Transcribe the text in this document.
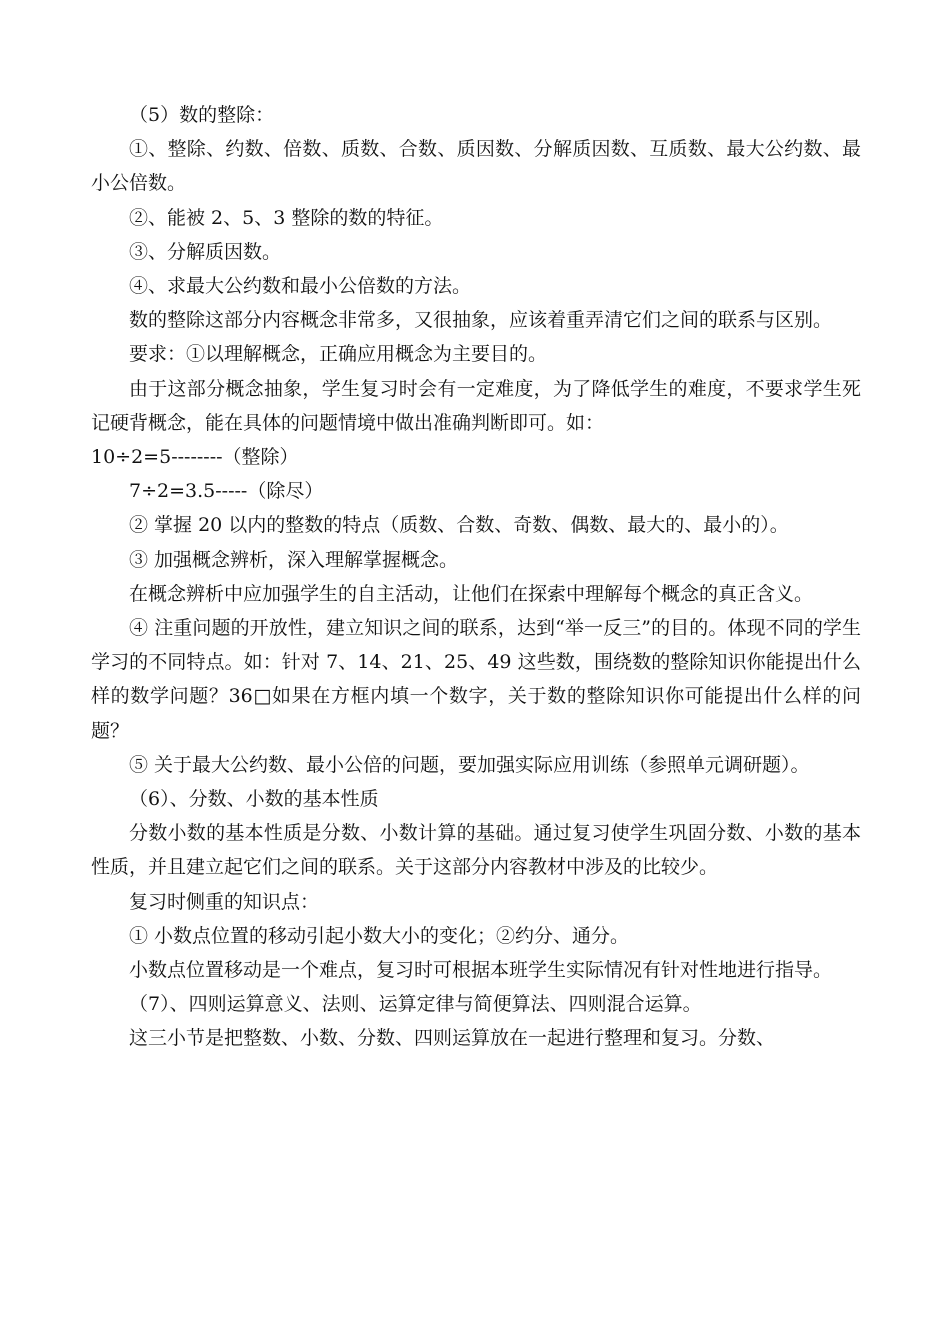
（5）数的整除：

①、整除、约数、倍数、质数、合数、质因数、分解质因数、互质数、最大公约数、最小公倍数。

②、能被 2、5、3 整除的数的特征。

③、分解质因数。

④、求最大公约数和最小公倍数的方法。

数的整除这部分内容概念非常多，又很抽象，应该着重弄清它们之间的联系与区别。

要求：①以理解概念，正确应用概念为主要目的。

由于这部分概念抽象，学生复习时会有一定难度，为了降低学生的难度，不要求学生死记硬背概念，能在具体的问题情境中做出准确判断即可。如：

10÷2=5--------（整除）

7÷2=3.5-----（除尽）

② 掌握 20 以内的整数的特点（质数、合数、奇数、偶数、最大的、最小的）。

③ 加强概念辨析，深入理解掌握概念。

在概念辨析中应加强学生的自主活动，让他们在探索中理解每个概念的真正含义。

④ 注重问题的开放性，建立知识之间的联系，达到“举一反三”的目的。体现不同的学生学习的不同特点。如：针对 7、14、21、25、49 这些数，围绕数的整除知识你能提出什么样的数学问题？36□如果在方框内填一个数字，关于数的整除知识你可能提出什么样的问题？

⑤ 关于最大公约数、最小公倍的问题，要加强实际应用训练（参照单元调研题）。

（6）、分数、小数的基本性质

分数小数的基本性质是分数、小数计算的基础。通过复习使学生巩固分数、小数的基本性质，并且建立起它们之间的联系。关于这部分内容教材中涉及的比较少。

复习时侧重的知识点：

① 小数点位置的移动引起小数大小的变化；②约分、通分。

小数点位置移动是一个难点，复习时可根据本班学生实际情况有针对性地进行指导。

（7）、四则运算意义、法则、运算定律与简便算法、四则混合运算。

这三小节是把整数、小数、分数、四则运算放在一起进行整理和复习。分数、
